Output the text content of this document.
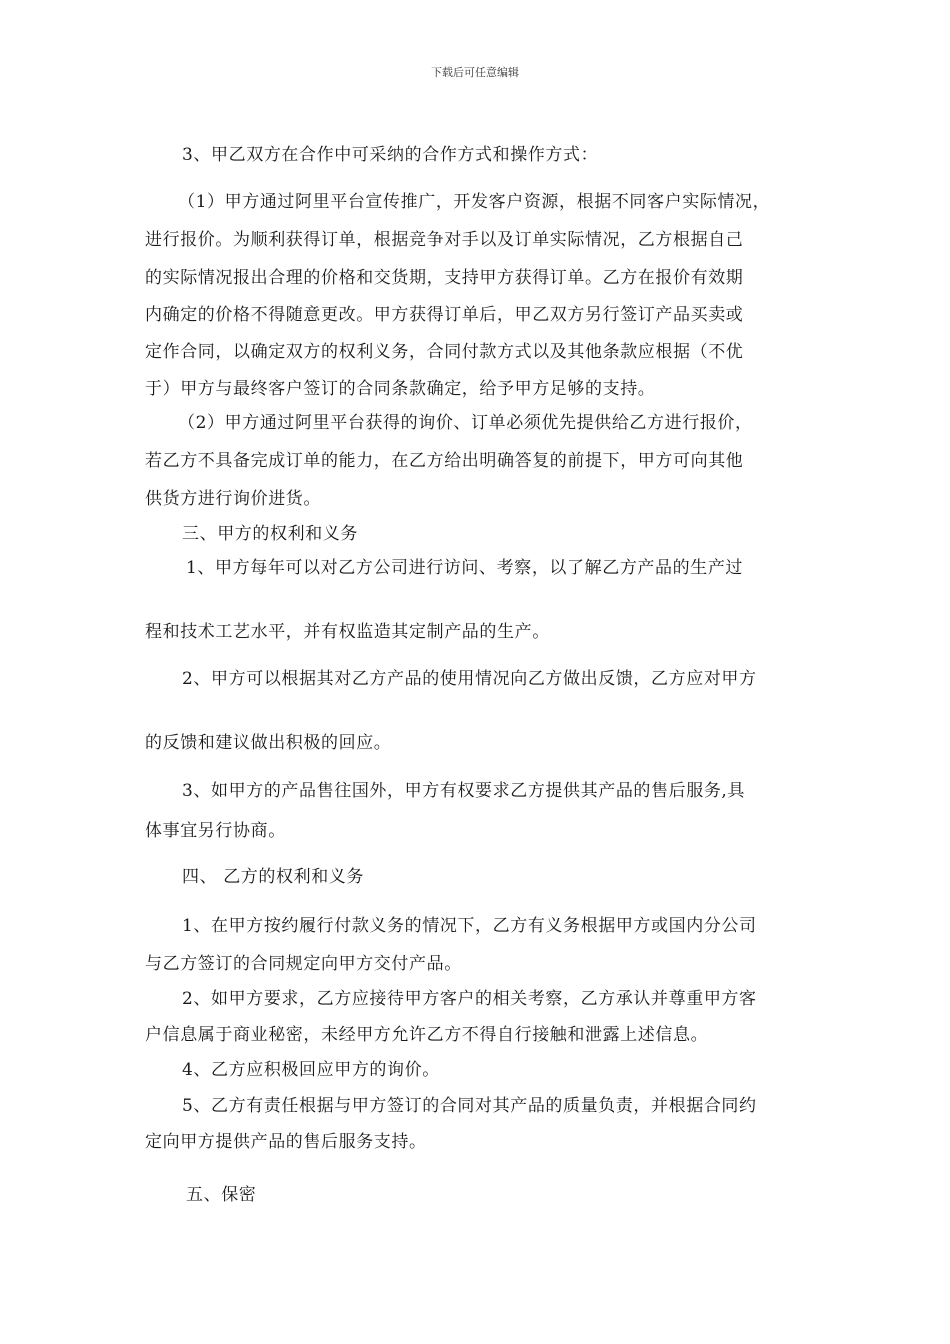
下载后可任意编辑
3、甲乙双方在合作中可采纳的合作方式和操作方式：
（1）甲方通过阿里平台宣传推广，开发客户资源，根据不同客户实际情况，
进行报价。为顺利获得订单，根据竞争对手以及订单实际情况，乙方根据自己
的实际情况报出合理的价格和交货期，支持甲方获得订单。乙方在报价有效期
内确定的价格不得随意更改。甲方获得订单后，甲乙双方另行签订产品买卖或
定作合同，以确定双方的权利义务，合同付款方式以及其他条款应根据（不优
于）甲方与最终客户签订的合同条款确定，给予甲方足够的支持。
（2）甲方通过阿里平台获得的询价、订单必须优先提供给乙方进行报价，
若乙方不具备完成订单的能力，在乙方给出明确答复的前提下，甲方可向其他
供货方进行询价进货。
三、甲方的权利和义务
1、甲方每年可以对乙方公司进行访问、考察，以了解乙方产品的生产过
程和技术工艺水平，并有权监造其定制产品的生产。
2、甲方可以根据其对乙方产品的使用情况向乙方做出反馈，乙方应对甲方
的反馈和建议做出积极的回应。
3、如甲方的产品售往国外，甲方有权要求乙方提供其产品的售后服务,具
体事宜另行协商。
四、 乙方的权利和义务
1、在甲方按约履行付款义务的情况下，乙方有义务根据甲方或国内分公司
与乙方签订的合同规定向甲方交付产品。
2、如甲方要求，乙方应接待甲方客户的相关考察，乙方承认并尊重甲方客
户信息属于商业秘密，未经甲方允许乙方不得自行接触和泄露上述信息。
4、乙方应积极回应甲方的询价。
5、乙方有责任根据与甲方签订的合同对其产品的质量负责，并根据合同约
定向甲方提供产品的售后服务支持。
五、保密
